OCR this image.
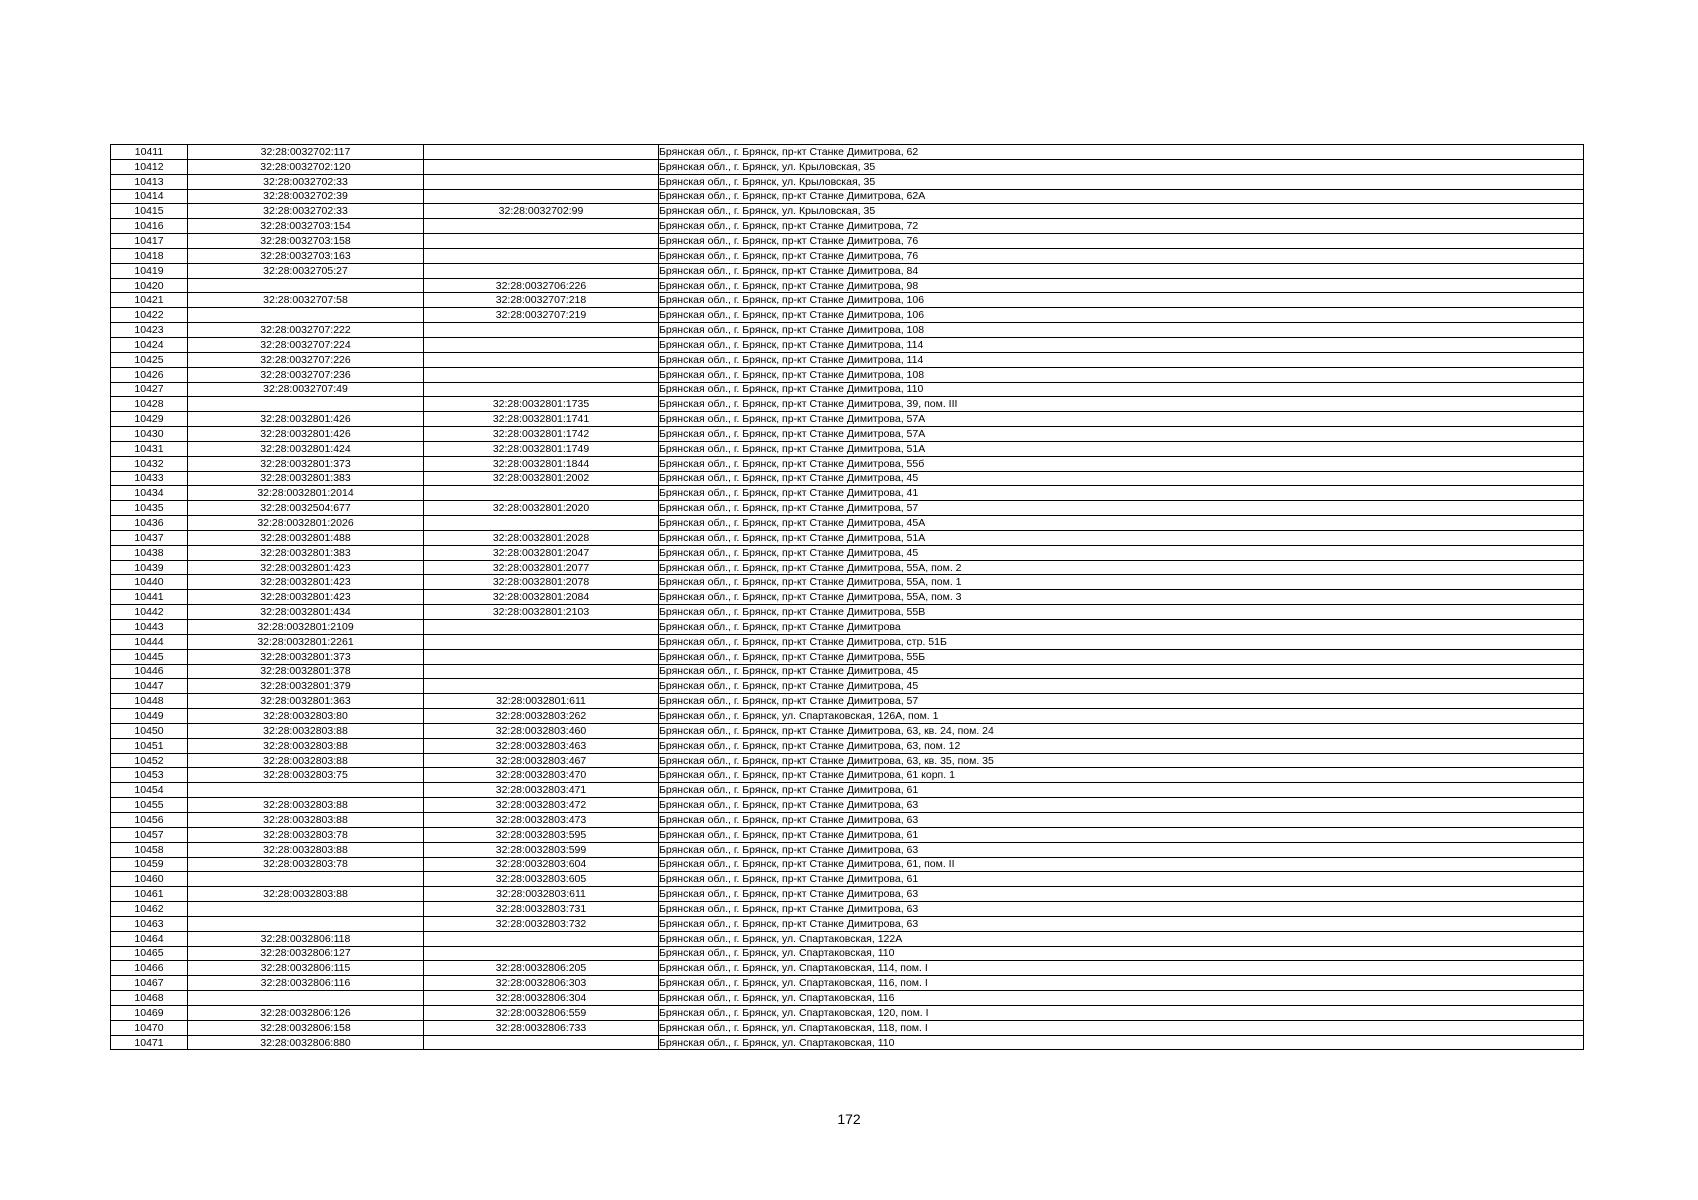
10411	32:28:0032702:117		Брянская обл., г. Брянск, пр-кт Станке Димитрова, 62
10412	32:28:0032702:120		Брянская обл., г. Брянск, ул. Крыловская, 35
10413	32:28:0032702:33		Брянская обл., г. Брянск, ул. Крыловская, 35
10414	32:28:0032702:39		Брянская обл., г. Брянск, пр-кт Станке Димитрова, 62А
10415	32:28:0032702:33	32:28:0032702:99	Брянская обл., г. Брянск, ул. Крыловская, 35
10416	32:28:0032703:154		Брянская обл., г. Брянск, пр-кт Станке Димитрова, 72
10417	32:28:0032703:158		Брянская обл., г. Брянск, пр-кт Станке Димитрова, 76
10418	32:28:0032703:163		Брянская обл., г. Брянск, пр-кт Станке Димитрова, 76
10419	32:28:0032705:27		Брянская обл., г. Брянск, пр-кт Станке Димитрова, 84
10420		32:28:0032706:226	Брянская обл., г. Брянск, пр-кт Станке Димитрова, 98
10421	32:28:0032707:58	32:28:0032707:218	Брянская обл., г. Брянск, пр-кт Станке Димитрова, 106
10422		32:28:0032707:219	Брянская обл., г. Брянск, пр-кт Станке Димитрова, 106
10423	32:28:0032707:222		Брянская обл., г. Брянск, пр-кт Станке Димитрова, 108
10424	32:28:0032707:224		Брянская обл., г. Брянск, пр-кт Станке Димитрова, 114
10425	32:28:0032707:226		Брянская обл., г. Брянск, пр-кт Станке Димитрова, 114
10426	32:28:0032707:236		Брянская обл., г. Брянск, пр-кт Станке Димитрова, 108
10427	32:28:0032707:49		Брянская обл., г. Брянск, пр-кт Станке Димитрова, 110
10428		32:28:0032801:1735	Брянская обл., г. Брянск, пр-кт Станке Димитрова, 39, пом. III
10429	32:28:0032801:426	32:28:0032801:1741	Брянская обл., г. Брянск, пр-кт Станке Димитрова, 57А
10430	32:28:0032801:426	32:28:0032801:1742	Брянская обл., г. Брянск, пр-кт Станке Димитрова, 57А
10431	32:28:0032801:424	32:28:0032801:1749	Брянская обл., г. Брянск, пр-кт Станке Димитрова, 51А
10432	32:28:0032801:373	32:28:0032801:1844	Брянская обл., г. Брянск, пр-кт Станке Димитрова, 55б
10433	32:28:0032801:383	32:28:0032801:2002	Брянская обл., г. Брянск, пр-кт Станке Димитрова, 45
10434	32:28:0032801:2014		Брянская обл., г. Брянск, пр-кт Станке Димитрова, 41
10435	32:28:0032504:677	32:28:0032801:2020	Брянская обл., г. Брянск, пр-кт Станке Димитрова, 57
10436	32:28:0032801:2026		Брянская обл., г. Брянск, пр-кт Станке Димитрова, 45А
10437	32:28:0032801:488	32:28:0032801:2028	Брянская обл., г. Брянск, пр-кт Станке Димитрова, 51А
10438	32:28:0032801:383	32:28:0032801:2047	Брянская обл., г. Брянск, пр-кт Станке Димитрова, 45
10439	32:28:0032801:423	32:28:0032801:2077	Брянская обл., г. Брянск, пр-кт Станке Димитрова, 55А, пом. 2
10440	32:28:0032801:423	32:28:0032801:2078	Брянская обл., г. Брянск, пр-кт Станке Димитрова, 55А, пом. 1
10441	32:28:0032801:423	32:28:0032801:2084	Брянская обл., г. Брянск, пр-кт Станке Димитрова, 55А, пом. 3
10442	32:28:0032801:434	32:28:0032801:2103	Брянская обл., г. Брянск, пр-кт Станке Димитрова, 55В
10443	32:28:0032801:2109		Брянская обл., г. Брянск, пр-кт Станке Димитрова
10444	32:28:0032801:2261		Брянская обл., г. Брянск, пр-кт Станке Димитрова, стр. 51Б
10445	32:28:0032801:373		Брянская обл., г. Брянск, пр-кт Станке Димитрова, 55Б
10446	32:28:0032801:378		Брянская обл., г. Брянск, пр-кт Станке Димитрова, 45
10447	32:28:0032801:379		Брянская обл., г. Брянск, пр-кт Станке Димитрова, 45
10448	32:28:0032801:363	32:28:0032801:611	Брянская обл., г. Брянск, пр-кт Станке Димитрова, 57
10449	32:28:0032803:80	32:28:0032803:262	Брянская обл., г. Брянск, ул. Спартаковская, 126А, пом. 1
10450	32:28:0032803:88	32:28:0032803:460	Брянская обл., г. Брянск, пр-кт Станке Димитрова, 63, кв. 24, пом. 24
10451	32:28:0032803:88	32:28:0032803:463	Брянская обл., г. Брянск, пр-кт Станке Димитрова, 63, пом. 12
10452	32:28:0032803:88	32:28:0032803:467	Брянская обл., г. Брянск, пр-кт Станке Димитрова, 63, кв. 35, пом. 35
10453	32:28:0032803:75	32:28:0032803:470	Брянская обл., г. Брянск, пр-кт Станке Димитрова, 61 корп. 1
10454		32:28:0032803:471	Брянская обл., г. Брянск, пр-кт Станке Димитрова, 61
10455	32:28:0032803:88	32:28:0032803:472	Брянская обл., г. Брянск, пр-кт Станке Димитрова, 63
10456	32:28:0032803:88	32:28:0032803:473	Брянская обл., г. Брянск, пр-кт Станке Димитрова, 63
10457	32:28:0032803:78	32:28:0032803:595	Брянская обл., г. Брянск, пр-кт Станке Димитрова, 61
10458	32:28:0032803:88	32:28:0032803:599	Брянская обл., г. Брянск, пр-кт Станке Димитрова, 63
10459	32:28:0032803:78	32:28:0032803:604	Брянская обл., г. Брянск, пр-кт Станке Димитрова, 61, пом. II
10460		32:28:0032803:605	Брянская обл., г. Брянск, пр-кт Станке Димитрова, 61
10461	32:28:0032803:88	32:28:0032803:611	Брянская обл., г. Брянск, пр-кт Станке Димитрова, 63
10462		32:28:0032803:731	Брянская обл., г. Брянск, пр-кт Станке Димитрова, 63
10463		32:28:0032803:732	Брянская обл., г. Брянск, пр-кт Станке Димитрова, 63
10464	32:28:0032806:118		Брянская обл., г. Брянск, ул. Спартаковская, 122А
10465	32:28:0032806:127		Брянская обл., г. Брянск, ул. Спартаковская, 110
10466	32:28:0032806:115	32:28:0032806:205	Брянская обл., г. Брянск, ул. Спартаковская, 114, пом. I
10467	32:28:0032806:116	32:28:0032806:303	Брянская обл., г. Брянск, ул. Спартаковская, 116, пом. I
10468		32:28:0032806:304	Брянская обл., г. Брянск, ул. Спартаковская, 116
10469	32:28:0032806:126	32:28:0032806:559	Брянская обл., г. Брянск, ул. Спартаковская, 120, пом. I
10470	32:28:0032806:158	32:28:0032806:733	Брянская обл., г. Брянск, ул. Спартаковская, 118, пом. I
10471	32:28:0032806:880		Брянская обл., г. Брянск, ул. Спартаковская, 110
172
